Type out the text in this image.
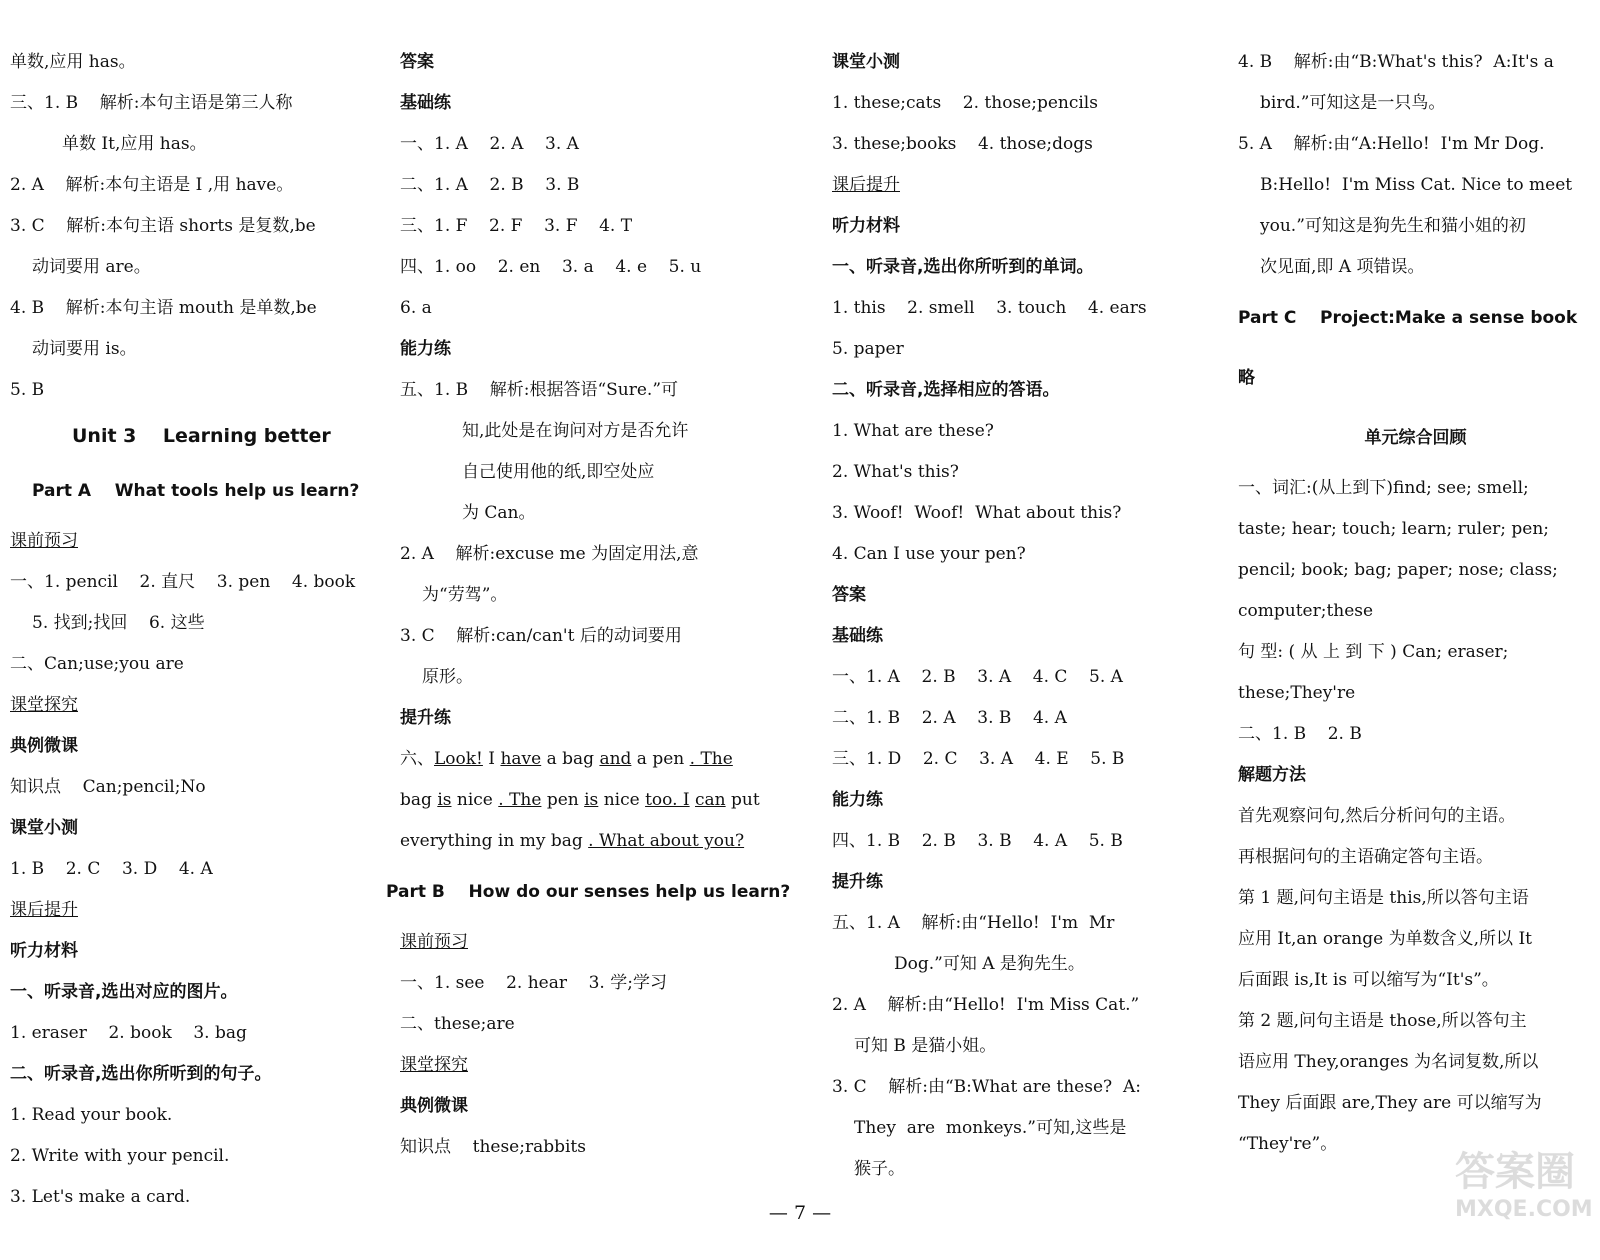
单数,应用 has。
三、1. B    解析:本句主语是第三人称
单数 It,应用 has。
2. A    解析:本句主语是 I ,用 have。
3. C    解析:本句主语 shorts 是复数,be
动词要用 are。
4. B    解析:本句主语 mouth 是单数,be
动词要用 is。
5. B
Unit 3    Learning better
Part A    What tools help us learn?
课前预习
一、1. pencil    2. 直尺    3. pen    4. book
5. 找到;找回    6. 这些
二、Can;use;you are
课堂探究
典例微课
知识点    Can;pencil;No
课堂小测
1. B    2. C    3. D    4. A
课后提升
听力材料
一、听录音,选出对应的图片。
1. eraser    2. book    3. bag
二、听录音,选出你所听到的句子。
1. Read your book.
2. Write with your pencil.
3. Let's make a card.
答案
基础练
一、1. A    2. A    3. A
二、1. A    2. B    3. B
三、1. F    2. F    3. F    4. T
四、1. oo    2. en    3. a    4. e    5. u
6. a
能力练
五、1. B    解析:根据答语“Sure.”可
知,此处是在询问对方是否允许
自己使用他的纸,即空处应
为 Can。
2. A    解析:excuse me 为固定用法,意
为“劳驾”。
3. C    解析:can/can't 后的动词要用
原形。
提升练
六、Look! I have a bag and a pen . The
bag is nice . The pen is nice too. I can put
everything in my bag . What about you?
Part B    How do our senses help us learn?
课前预习
一、1. see    2. hear    3. 学;学习
二、these;are
课堂探究
典例微课
知识点    these;rabbits
课堂小测
1. these;cats    2. those;pencils
3. these;books    4. those;dogs
课后提升
听力材料
一、听录音,选出你所听到的单词。
1. this    2. smell    3. touch    4. ears
5. paper
二、听录音,选择相应的答语。
1. What are these?
2. What's this?
3. Woof!  Woof!  What about this?
4. Can I use your pen?
答案
基础练
一、1. A    2. B    3. A    4. C    5. A
二、1. B    2. A    3. B    4. A
三、1. D    2. C    3. A    4. E    5. B
能力练
四、1. B    2. B    3. B    4. A    5. B
提升练
五、1. A    解析:由“Hello!  I'm  Mr
Dog.”可知 A 是狗先生。
2. A    解析:由“Hello!  I'm Miss Cat.”
可知 B 是猫小姐。
3. C    解析:由“B:What are these?  A:
They  are  monkeys.”可知,这些是
猴子。
4. B    解析:由“B:What's this?  A:It's a
bird.”可知这是一只鸟。
5. A    解析:由“A:Hello!  I'm Mr Dog.
B:Hello!  I'm Miss Cat. Nice to meet
you.”可知这是狗先生和猫小姐的初
次见面,即 A 项错误。
Part C    Project:Make a sense book
略
单元综合回顾
一、词汇:(从上到下)find; see; smell;
taste; hear; touch; learn; ruler; pen;
pencil; book; bag; paper; nose; class;
computer;these
句 型: ( 从 上 到 下 ) Can; eraser;
these;They're
二、1. B    2. B
解题方法
首先观察问句,然后分析问句的主语。
再根据问句的主语确定答句主语。
第 1 题,问句主语是 this,所以答句主语
应用 It,an orange 为单数含义,所以 It
后面跟 is,It is 可以缩写为“It's”。
第 2 题,问句主语是 those,所以答句主
语应用 They,oranges 为名词复数,所以
They 后面跟 are,They are 可以缩写为
“They're”。
— 7 —
答案圈
MXQE.COM
